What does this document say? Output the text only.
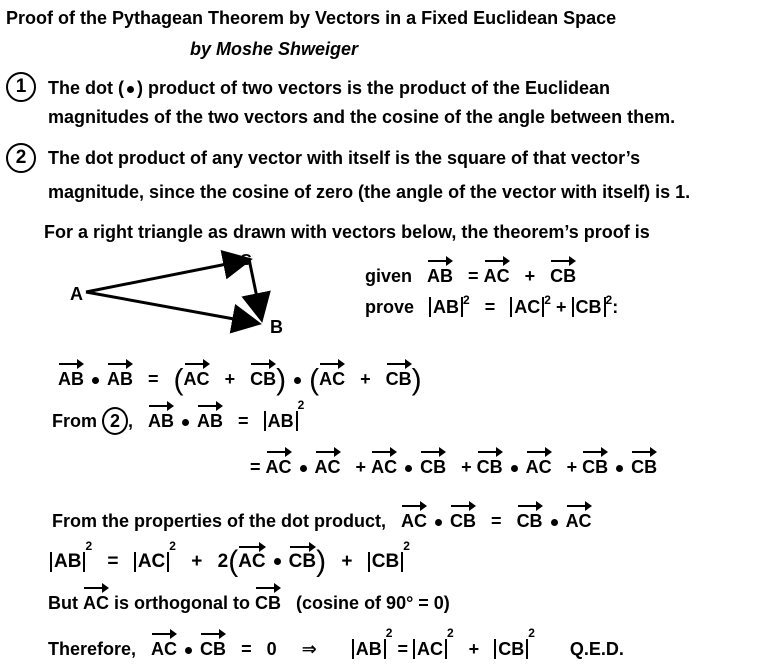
Proof of the Pythagean Theorem by Vectors in a Fixed Euclidean Space
by Moshe Shweiger
1	The dot ( ) product of two vectors is the product of the Euclidean
magnitudes of the two vectors and the cosine of the angle between them.
2	The dot product of any vector with itself is the square of that vector’s
magnitude, since the cosine of zero (the angle of the vector with itself) is 1.
For a right triangle as drawn with vectors below, the theorem’s proof is
A
C
B
given AB = AC + CB
prove AB $^2$ = AC $^2$ + CB $^2$:
AB AB = (AC + CB) (AC + CB)
From 2 , AB AB = $AB^2$
= AC AC + AC CB + CB AC + CB CB
From the properties of the dot product, AC CB = CB AC
$AB^2 = AC^2 + 2(AC$ $CB) + CB^2$
But AC is orthogonal to CB (cosine of 90° = 0)
Therefore, AC CB = 0 ⇒ $AB^2 = AC^2 + CB^2$ Q.E.D.
